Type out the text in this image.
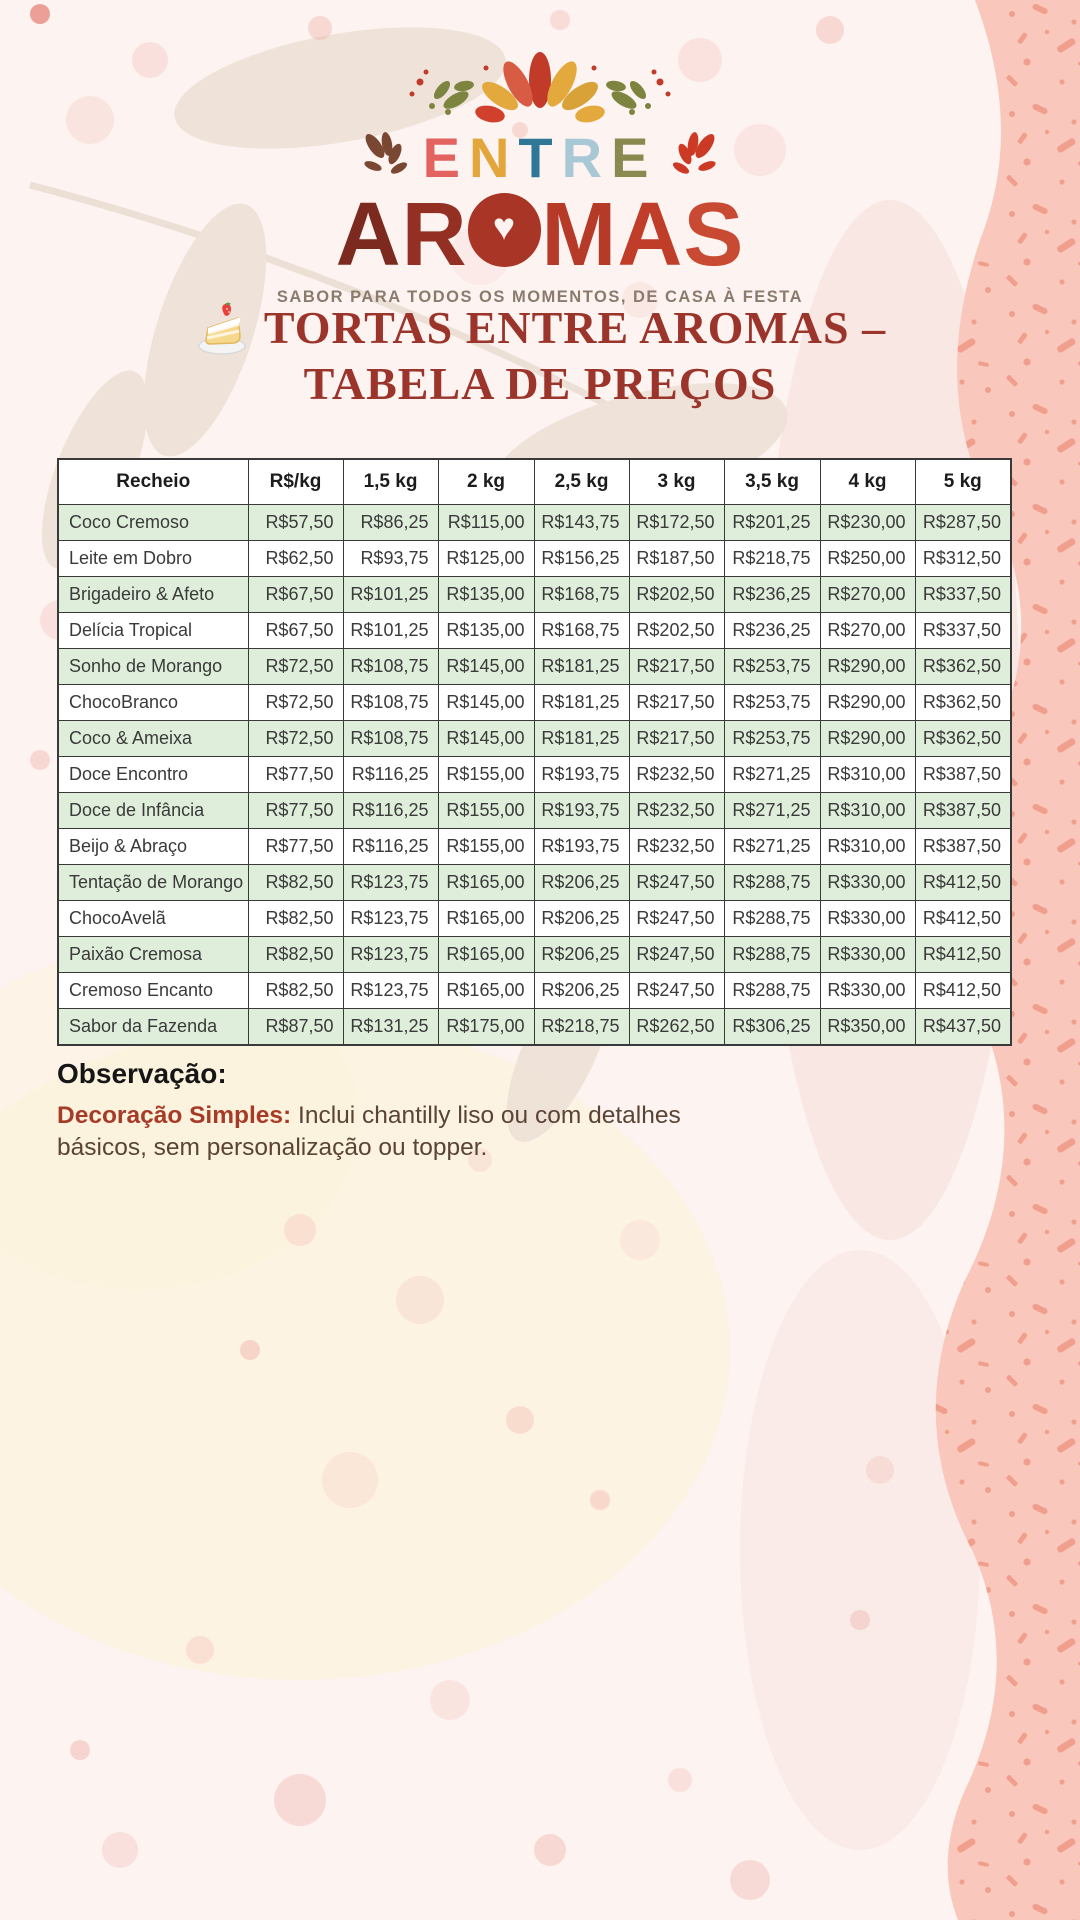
ENTRE
AR ♥ MAS
SABOR PARA TODOS OS MOMENTOS, DE CASA À FESTA
TORTAS ENTRE AROMAS –
TABELA DE PREÇOS
Recheio	R$/kg	1,5 kg	2 kg	2,5 kg	3 kg	3,5 kg	4 kg	5 kg
Coco Cremoso	R$57,50	R$86,25	R$115,00	R$143,75	R$172,50	R$201,25	R$230,00	R$287,50
Leite em Dobro	R$62,50	R$93,75	R$125,00	R$156,25	R$187,50	R$218,75	R$250,00	R$312,50
Brigadeiro & Afeto	R$67,50	R$101,25	R$135,00	R$168,75	R$202,50	R$236,25	R$270,00	R$337,50
Delícia Tropical	R$67,50	R$101,25	R$135,00	R$168,75	R$202,50	R$236,25	R$270,00	R$337,50
Sonho de Morango	R$72,50	R$108,75	R$145,00	R$181,25	R$217,50	R$253,75	R$290,00	R$362,50
ChocoBranco	R$72,50	R$108,75	R$145,00	R$181,25	R$217,50	R$253,75	R$290,00	R$362,50
Coco & Ameixa	R$72,50	R$108,75	R$145,00	R$181,25	R$217,50	R$253,75	R$290,00	R$362,50
Doce Encontro	R$77,50	R$116,25	R$155,00	R$193,75	R$232,50	R$271,25	R$310,00	R$387,50
Doce de Infância	R$77,50	R$116,25	R$155,00	R$193,75	R$232,50	R$271,25	R$310,00	R$387,50
Beijo & Abraço	R$77,50	R$116,25	R$155,00	R$193,75	R$232,50	R$271,25	R$310,00	R$387,50
Tentação de Morango	R$82,50	R$123,75	R$165,00	R$206,25	R$247,50	R$288,75	R$330,00	R$412,50
ChocoAvelã	R$82,50	R$123,75	R$165,00	R$206,25	R$247,50	R$288,75	R$330,00	R$412,50
Paixão Cremosa	R$82,50	R$123,75	R$165,00	R$206,25	R$247,50	R$288,75	R$330,00	R$412,50
Cremoso Encanto	R$82,50	R$123,75	R$165,00	R$206,25	R$247,50	R$288,75	R$330,00	R$412,50
Sabor da Fazenda	R$87,50	R$131,25	R$175,00	R$218,75	R$262,50	R$306,25	R$350,00	R$437,50

Observação:

Decoração Simples: Inclui chantilly liso ou com detalhes básicos, sem personalização ou topper.
